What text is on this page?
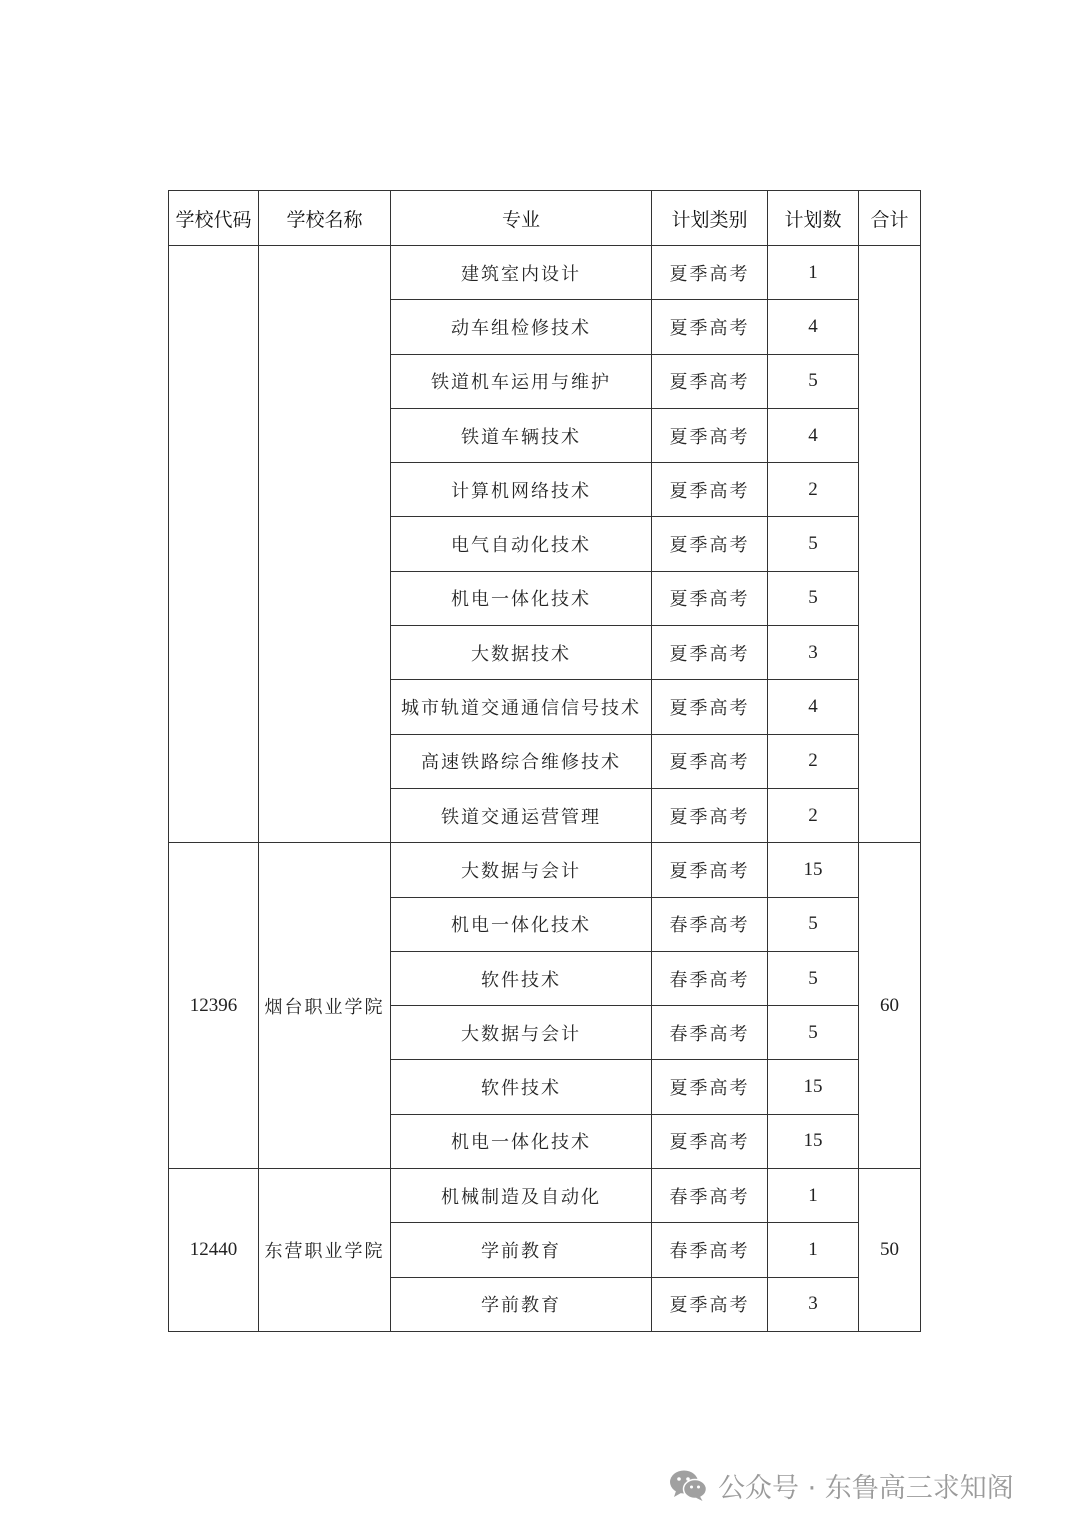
学校代码	学校名称	专业	计划类别	计划数	合计
		建筑室内设计	夏季高考	1	
		动车组检修技术	夏季高考	4	
		铁道机车运用与维护	夏季高考	5	
		铁道车辆技术	夏季高考	4	
		计算机网络技术	夏季高考	2	
		电气自动化技术	夏季高考	5	
		机电一体化技术	夏季高考	5	
		大数据技术	夏季高考	3	
		城市轨道交通通信信号技术	夏季高考	4	
		高速铁路综合维修技术	夏季高考	2	
		铁道交通运营管理	夏季高考	2	
12396	烟台职业学院	大数据与会计	夏季高考	15	60
		机电一体化技术	春季高考	5	
		软件技术	春季高考	5	
		大数据与会计	春季高考	5	
		软件技术	夏季高考	15	
		机电一体化技术	夏季高考	15	
12440	东营职业学院	机械制造及自动化	春季高考	1	50
		学前教育	春季高考	1	
		学前教育	夏季高考	3	
公众号 · 东鲁高三求知阁
